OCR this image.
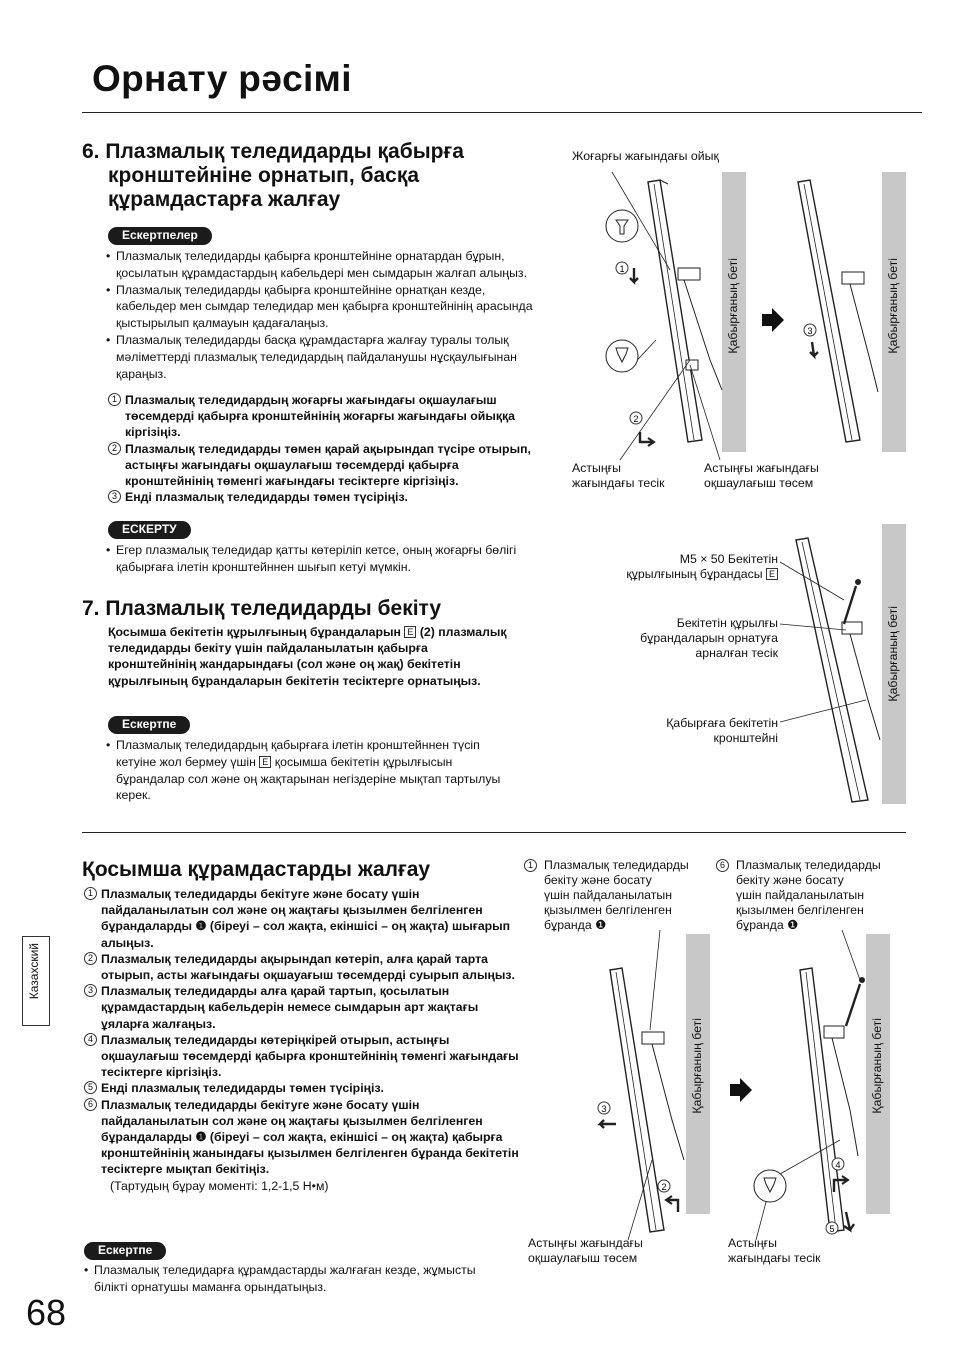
Орнату рәсімі
6. Плазмалық теледидарды қабырға
кронштейніне орнатып, басқа
құрамдастарға жалғау
Ескертпелер
• Плазмалық теледидарды қабырға кронштейніне орнатардан бұрын, қосылатын құрамдастардың кабельдері мен сымдарын жалғап алыңыз.
• Плазмалық теледидарды қабырға кронштейніне орнатқан кезде, кабельдер мен сымдар теледидар мен қабырға кронштейнінің арасында қыстырылып қалмауын қадағалаңыз.
• Плазмалық теледидарды басқа құрамдастарға жалғау туралы толық мәліметтерді плазмалық теледидардың пайдаланушы нұсқаулығынан қараңыз.

1 Плазмалық теледидардың жоғарғы жағындағы оқшаулағыш төсемдерді қабырға кронштейнінің жоғарғы жағындағы ойыққа кіргізіңіз.

2 Плазмалық теледидарды төмен қарай ақырындап түсіре отырып, астыңғы жағындағы оқшаулағыш төсемдерді қабырға кронштейнінің төменгі жағындағы тесіктерге кіргізіңіз.

3 Енді плазмалық теледидарды төмен түсіріңіз.

ЕСКЕРТУ
• Егер плазмалық теледидар қатты көтеріліп кетсе, оның жоғарғы бөлігі қабырғаға ілетін кронштейннен шығып кетуі мүмкін.
Жоғарғы жағындағы ойық
Қабырғаның беті	Қабырғаның беті
1
2
3
Астыңғы
жағындағы тесік
Астыңғы жағындағы
оқшаулағыш төсем
7. Плазмалық теледидарды бекіту
Қосымша бекітетін құрылғының бұрандаларын E (2) плазмалық теледидарды бекіту үшін пайдаланылатын қабырға кронштейнінің жандарындағы (сол және оң жақ) бекітетін құрылғының бұрандаларын бекітетін тесіктерге орнатыңыз.
Ескертпе
• Плазмалық теледидардың қабырғаға ілетін кронштейннен түсіп кетуіне жол бермеу үшін E қосымша бекітетін құрылғысын бұрандалар сол және оң жақтарынан негіздеріне мықтап тартылуы керек.
Қабырғаның беті
M5 × 50 Бекітетін
құрылғының бұрандасы E
Бекітетін құрылғы
бұрандаларын орнатуға
арналған тесік
Қабырғаға бекітетін
кронштейні
Қосымша құрамдастарды жалғау

1 Плазмалық теледидарды бекітуге және босату үшін пайдаланылатын сол және оң жақтағы қызылмен белгіленген бұрандаларды ❶ (біреуі – сол жақта, екіншісі – оң жақта) шығарып алыңыз.

2 Плазмалық теледидарды ақырындап көтеріп, алға қарай тарта отырып, асты жағындағы оқшауағыш төсемдерді суырып алыңыз.

3 Плазмалық теледидарды алға қарай тартып, қосылатын құрамдастардың кабельдерін немесе сымдарын арт жақтағы ұяларға жалғаңыз.

4 Плазмалық теледидарды көтеріңкірей отырып, астыңғы оқшаулағыш төсемдерді қабырға кронштейнінің төменгі жағындағы тесіктерге кіргізіңіз.

5 Енді плазмалық теледидарды төмен түсіріңіз.

6 Плазмалық теледидарды бекітуге және босату үшін пайдаланылатын сол және оң жақтағы қызылмен белгіленген бұрандаларды ❶ (біреуі – сол жақта, екіншісі – оң жақта) қабырға кронштейнінің жанындағы қызылмен белгіленген бұранда бекітетін тесіктерге мықтап бекітіңіз.

(Тартудың бұрау моменті: 1,2-1,5 Н•м)

Ескертпе
• Плазмалық теледидарға құрамдастарды жалғаған кезде, жұмысты білікті орнатушы маманға орындатыңыз.
1 Плазмалық теледидарды
бекіту және босату
үшін пайдаланылатын
қызылмен белгіленген
бұранда ❶
6 Плазмалық теледидарды
бекіту және босату
үшін пайдаланылатын
қызылмен белгіленген
бұранда ❶
Қабырғаның беті	Қабырғаның беті
3
2
4
5
Астыңғы жағындағы
оқшаулағыш төсем
Астыңғы
жағындағы тесік
Казахский
68
